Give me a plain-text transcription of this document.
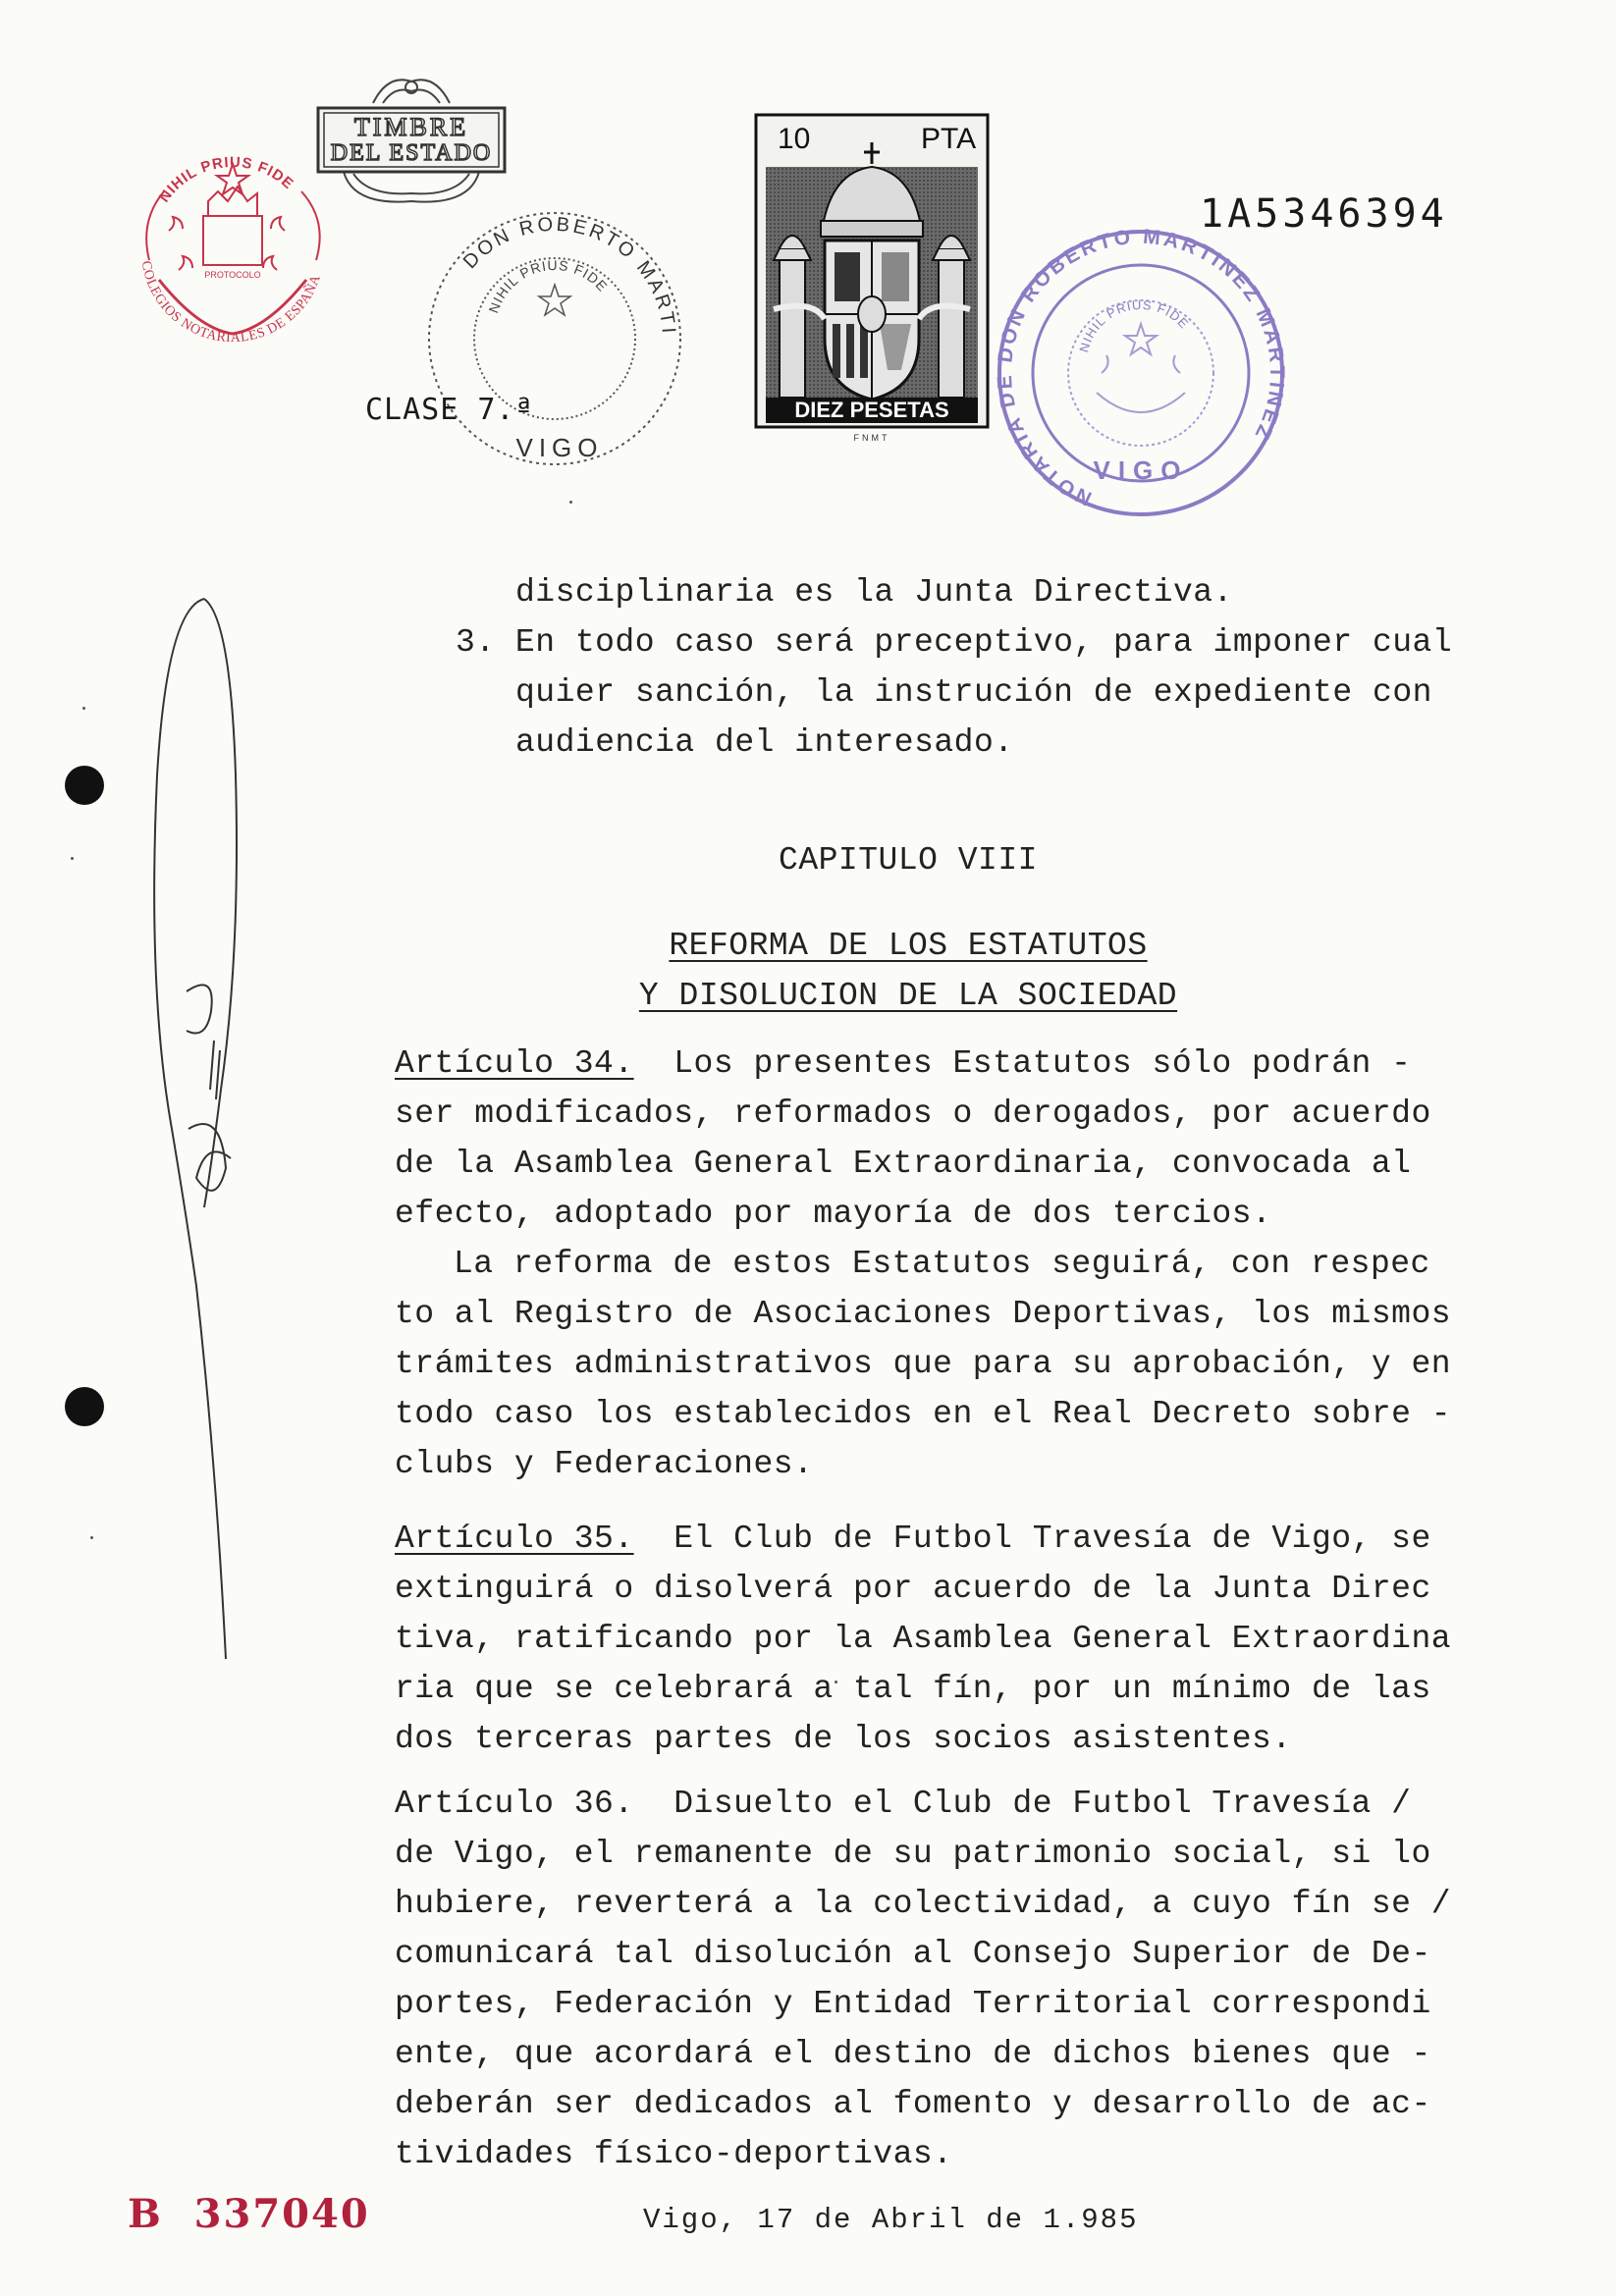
NIHIL PRIUS FIDE
COLEGIOS NOTARIALES DE ESPAÑA
PROTOCOLO
TIMBRE
DEL ESTADO
DON ROBERTO MARTI
NIHIL PRIUS FIDE
VIGO
CLASE 7.ª
FNMT
10	PTA
DIEZ PESETAS
1A5346394
NOTARIA DE DON ROBERTO MARTINEZ MARTINEZ
NIHIL PRIUS FIDE
VIGO
disciplinaria es la Junta Directiva.
3. En todo caso será preceptivo, para imponer cual
quier sanción, la instrución de expediente con
audiencia del interesado.
CAPITULO VIII
REFORMA DE LOS ESTATUTOS
Y DISOLUCION DE LA SOCIEDAD
Artículo 34. Los presentes Estatutos sólo podrán -
ser modificados, reformados o derogados, por acuerdo
de la Asamblea General Extraordinaria, convocada al
efecto, adoptado por mayoría de dos tercios.
La reforma de estos Estatutos seguirá, con respec
to al Registro de Asociaciones Deportivas, los mismos
trámites administrativos que para su aprobación, y en
todo caso los establecidos en el Real Decreto sobre -
clubs y Federaciones.
Artículo 35. El Club de Futbol Travesía de Vigo, se
extinguirá o disolverá por acuerdo de la Junta Direc
tiva, ratificando por la Asamblea General Extraordina
ria que se celebrará a tal fín, por un mínimo de las
dos terceras partes de los socios asistentes.
Artículo 36. Disuelto el Club de Futbol Travesía /
de Vigo, el remanente de su patrimonio social, si lo
hubiere, reverterá a la colectividad, a cuyo fín se /
comunicará tal disolución al Consejo Superior de De-
portes, Federación y Entidad Territorial correspondi
ente, que acordará el destino de dichos bienes que -
deberán ser dedicados al fomento y desarrollo de ac-
tividades físico-deportivas.
Vigo, 17 de Abril de 1.985
B  337040
